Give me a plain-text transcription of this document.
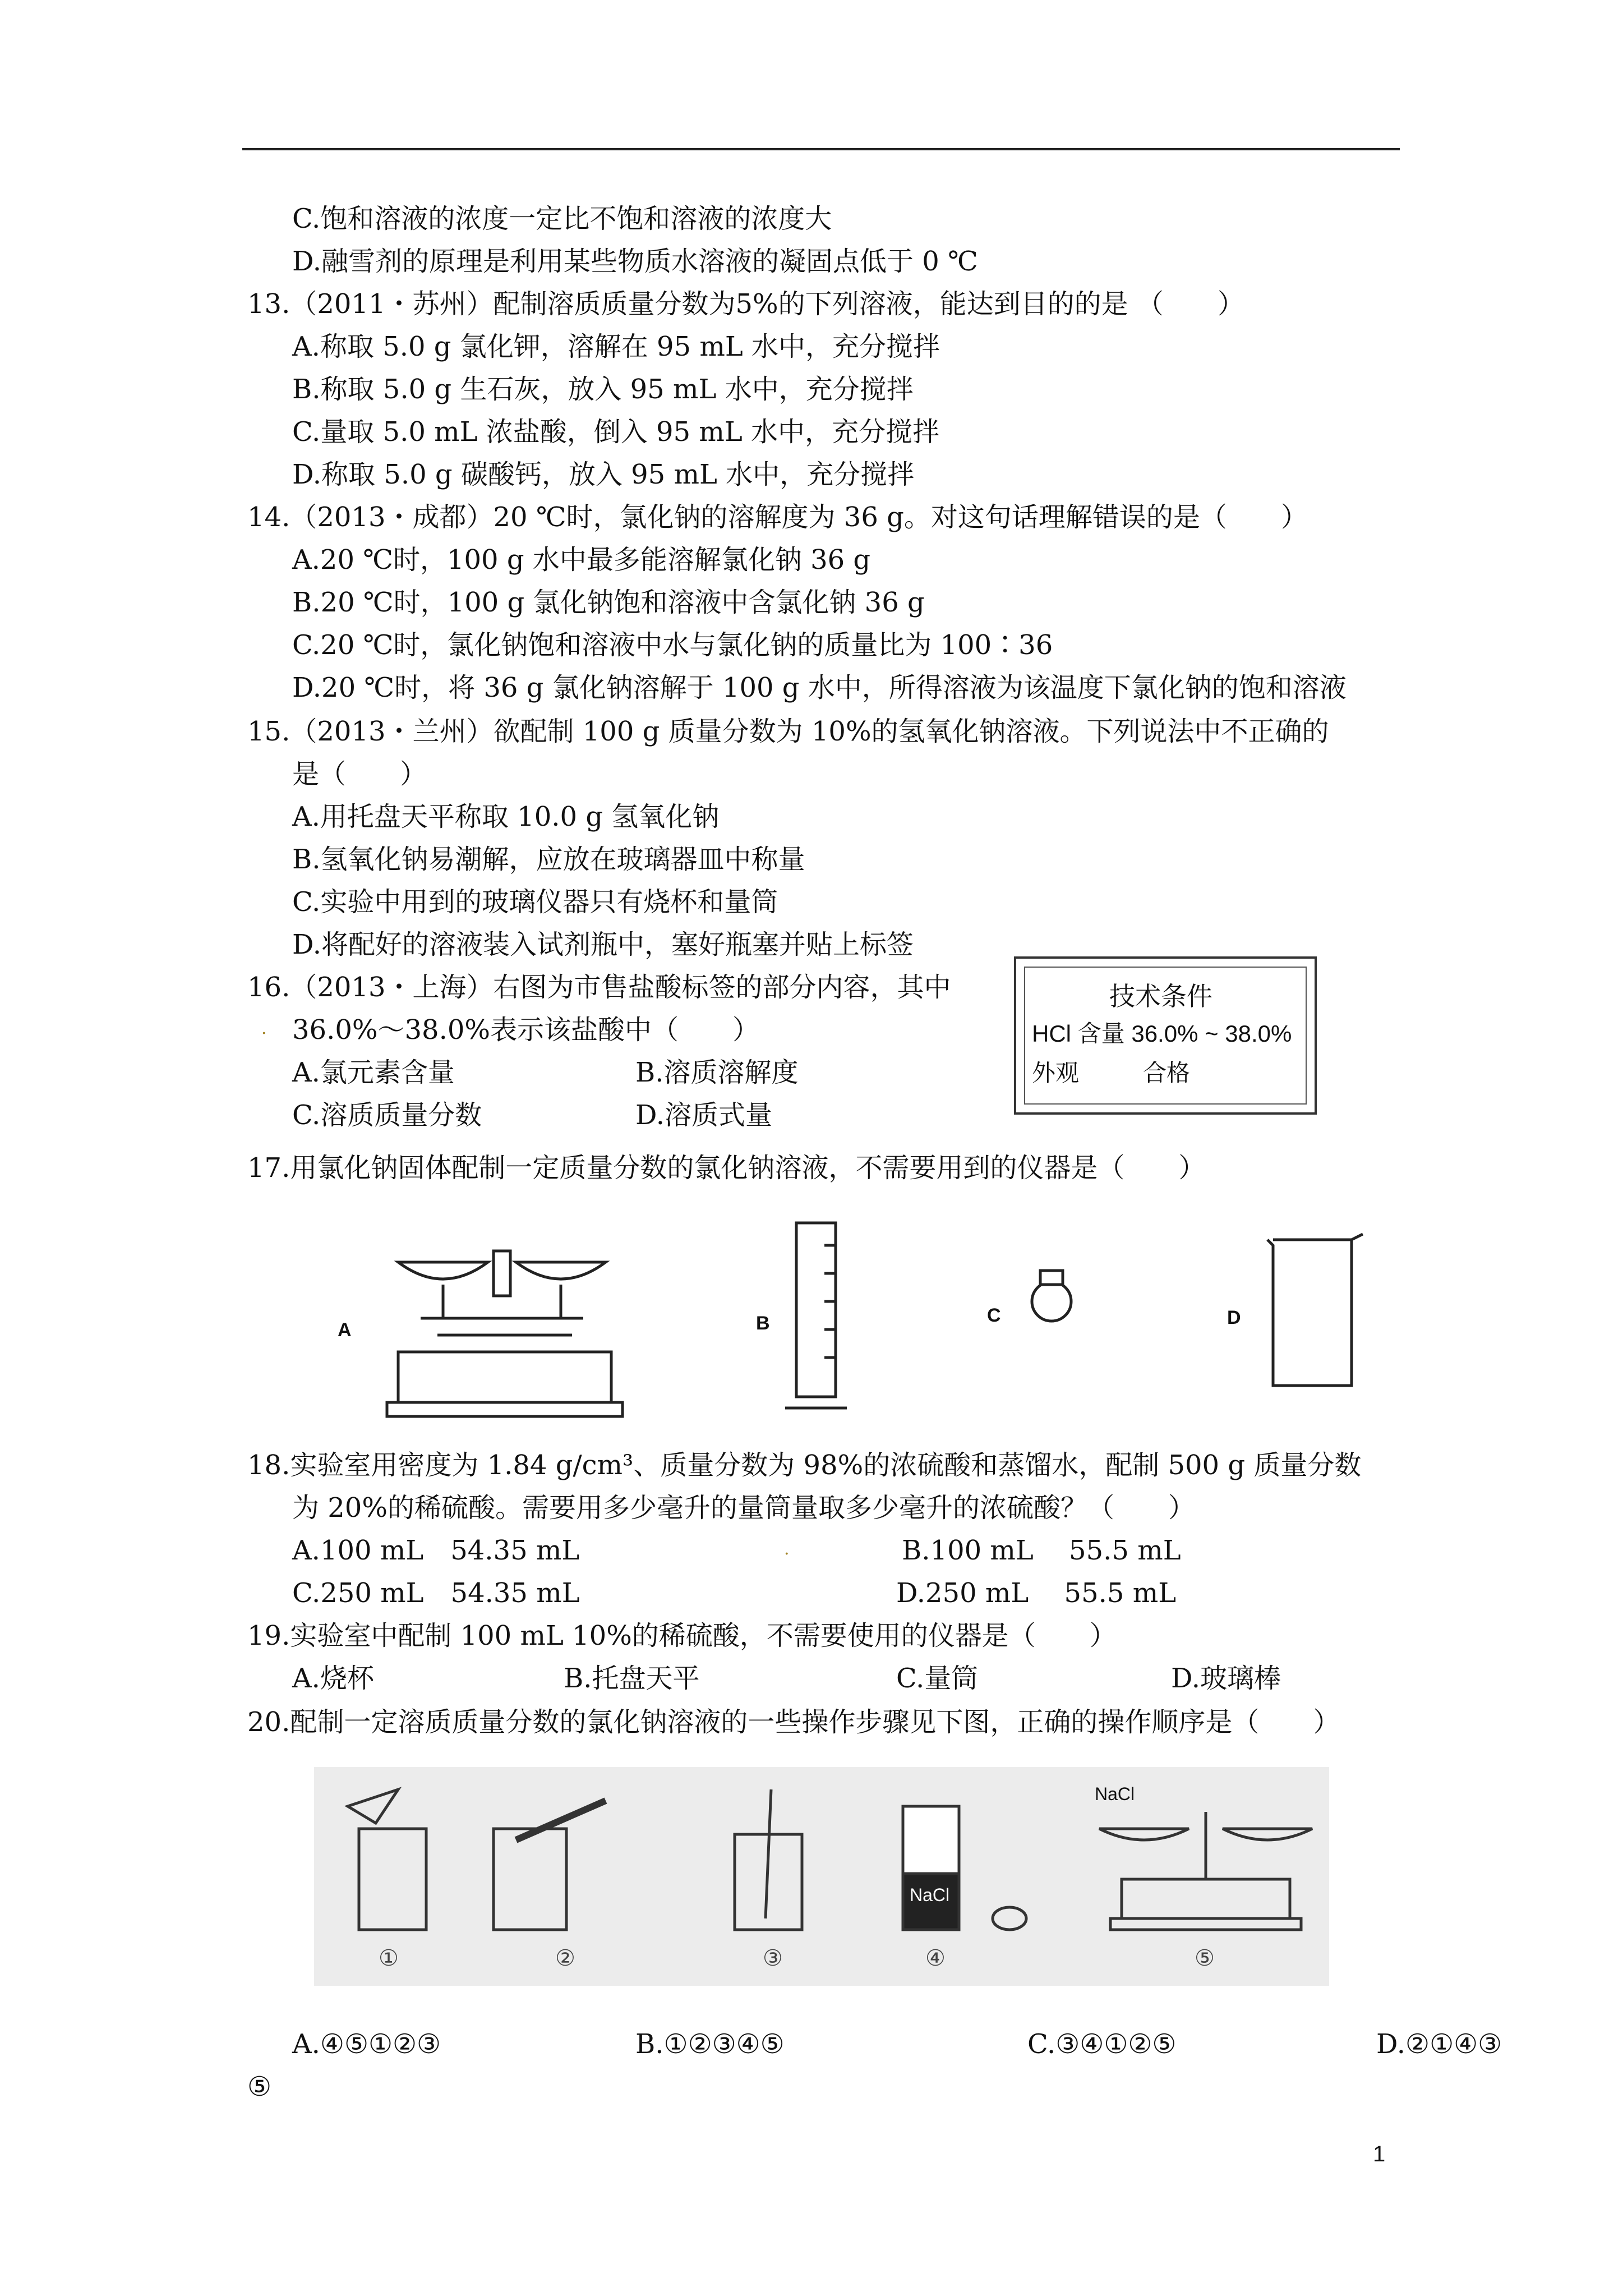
C.饱和溶液的浓度一定比不饱和溶液的浓度大
D.融雪剂的原理是利用某些物质水溶液的凝固点低于 0 ℃
13.（2011・苏州）配制溶质质量分数为5%的下列溶液，能达到目的的是 （　　）
A.称取 5.0 g 氯化钾，溶解在 95 mL 水中，充分搅拌
B.称取 5.0 g 生石灰，放入 95 mL 水中，充分搅拌
C.量取 5.0 mL 浓盐酸，倒入 95 mL 水中，充分搅拌
D.称取 5.0 g 碳酸钙，放入 95 mL 水中，充分搅拌
14.（2013・成都）20 ℃时，氯化钠的溶解度为 36 g。对这句话理解错误的是（　　）
A.20 ℃时，100 g 水中最多能溶解氯化钠 36 g
B.20 ℃时，100 g 氯化钠饱和溶液中含氯化钠 36 g
C.20 ℃时，氯化钠饱和溶液中水与氯化钠的质量比为 100∶36
D.20 ℃时，将 36 g 氯化钠溶解于 100 g 水中，所得溶液为该温度下氯化钠的饱和溶液
15.（2013・兰州）欲配制 100 g 质量分数为 10%的氢氧化钠溶液。下列说法中不正确的
是（　　）
A.用托盘天平称取 10.0 g 氢氧化钠
B.氢氧化钠易潮解，应放在玻璃器皿中称量
C.实验中用到的玻璃仪器只有烧杯和量筒
D.将配好的溶液装入试剂瓶中，塞好瓶塞并贴上标签
16.（2013・上海）右图为市售盐酸标签的部分内容，其中
36.0%～38.0%表示该盐酸中（　　）
.
A.氯元素含量	B.溶质溶解度
C.溶质质量分数	D.溶质式量
技术条件
HCl 含量 36.0% ~ 38.0%
外观	合格
17.用氯化钠固体配制一定质量分数的氯化钠溶液，不需要用到的仪器是（　　）
A	B	C	D
18.实验室用密度为 1.84 g/cm³、质量分数为 98%的浓硫酸和蒸馏水，配制 500 g 质量分数
为 20%的稀硫酸。需要用多少毫升的量筒量取多少毫升的浓硫酸？（　　）
A.100 mL　54.35 mL	B.100 mL　 55.5 mL
C.250 mL　54.35 mL	D.250 mL　 55.5 mL
.
19.实验室中配制 100 mL 10%的稀硫酸，不需要使用的仪器是（　　）
A.烧杯	B.托盘天平	C.量筒	D.玻璃棒
20.配制一定溶质质量分数的氯化钠溶液的一些操作步骤见下图，正确的操作顺序是（　　）
NaCl
NaCl
①	②	③	④	⑤
A.④⑤①②③	B.①②③④⑤	C.③④①②⑤	D.②①④③
⑤
1
